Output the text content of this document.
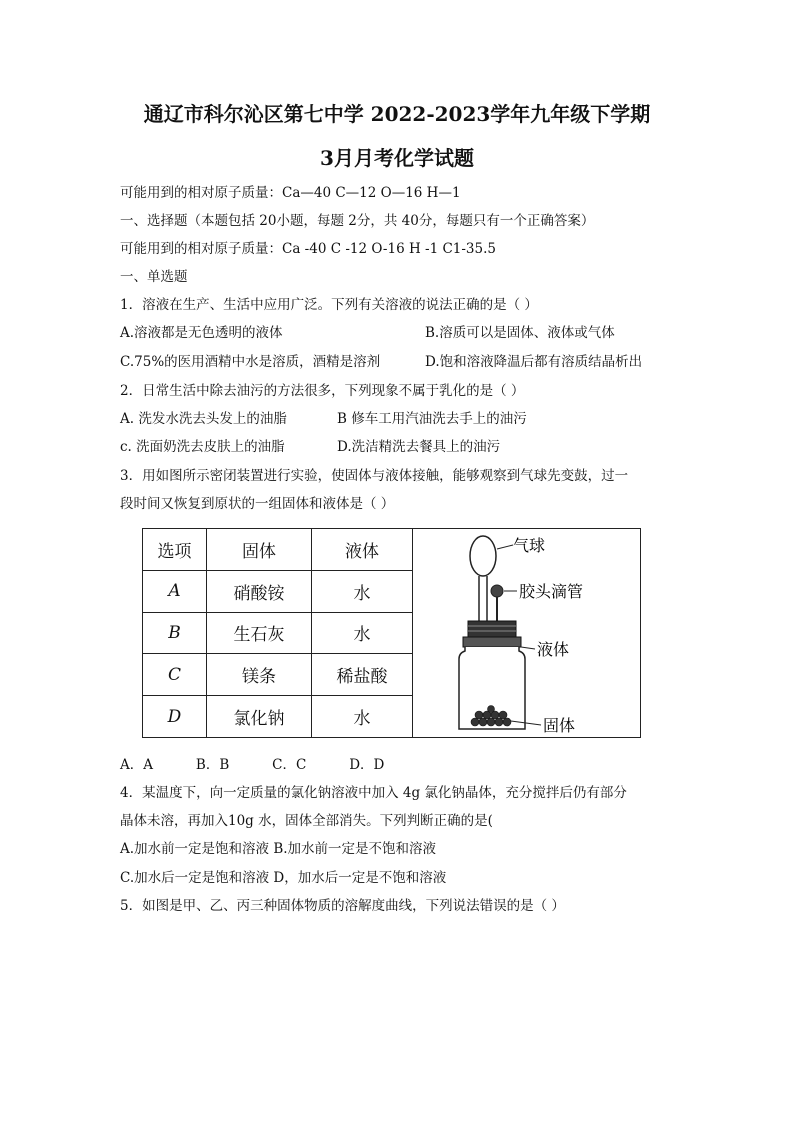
通辽市科尔沁区第七中学 2022-2023学年九年级下学期
3月月考化学试题
可能用到的相对原子质量：Ca—40 C—12 O—16 H—1
一、选择题（本题包括 20小题，每题 2分，共 40分，每题只有一个正确答案）
可能用到的相对原子质量：Ca -40 C -12 O-16 H -1 C1-35.5
一、单选题
1．溶液在生产、生活中应用广泛。下列有关溶液的说法正确的是（ ）
A.溶液都是无色透明的液体	B.溶质可以是固体、液体或气体
C.75%的医用酒精中水是溶质，酒精是溶剂	D.饱和溶液降温后都有溶质结晶析出
2．日常生活中除去油污的方法很多，下列现象不属于乳化的是（ ）
A. 洗发水洗去头发上的油脂	B 修车工用汽油洗去手上的油污
c. 洗面奶洗去皮肤上的油脂	D.洗洁精洗去餐具上的油污
3．用如图所示密闭装置进行实验，使固体与液体接触，能够观察到气球先变鼓，过一
段时间又恢复到原状的一组固体和液体是（ ）
选项	固体	液体	气球
胶头滴管
液体
固体

A	硝酸铵	水	
B	生石灰	水	
C	镁条	稀盐酸	
D	氯化钠	水	
A．A          B．B          C．C          D．D
4．某温度下，向一定质量的氯化钠溶液中加入 4g 氯化钠晶体，充分搅拌后仍有部分
晶体未溶，再加入10g 水，固体全部消失。下列判断正确的是(
A.加水前一定是饱和溶液 B.加水前一定是不饱和溶液
C.加水后一定是饱和溶液 D，加水后一定是不饱和溶液
5．如图是甲、乙、丙三种固体物质的溶解度曲线，下列说法错误的是（ ）
